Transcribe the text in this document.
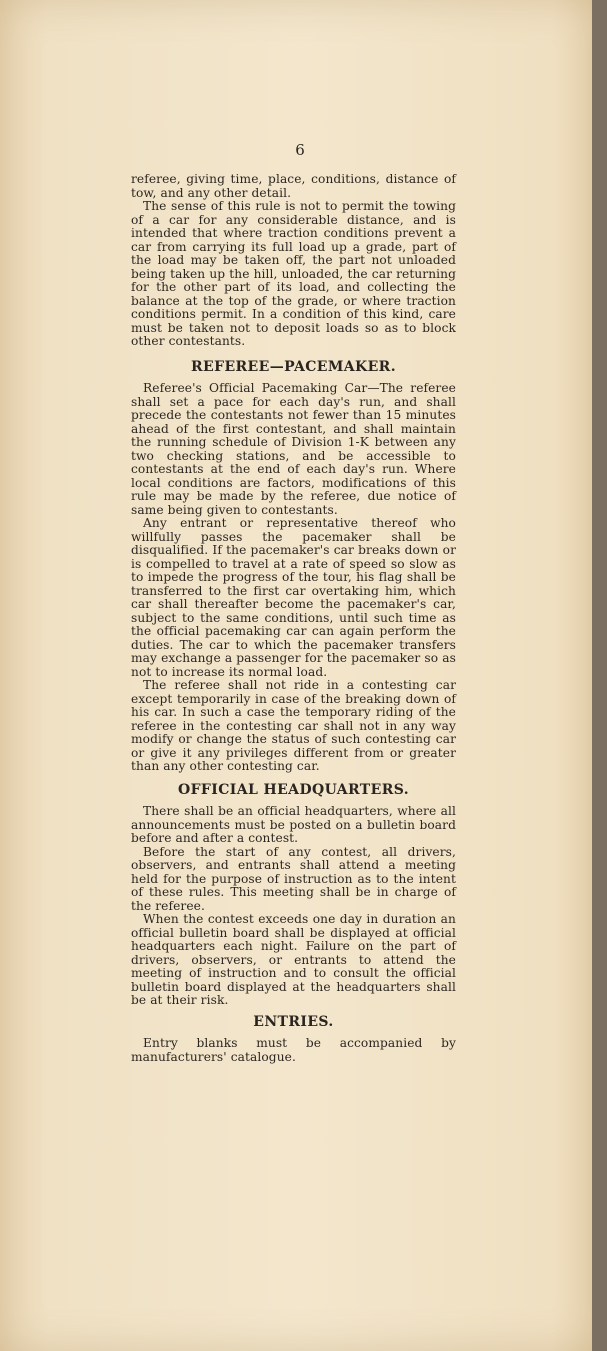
6

referee, giving time, place, conditions, distance of tow, and any other detail.

The sense of this rule is not to permit the towing of a car for any considerable distance, and is intended that where traction conditions prevent a car from carrying its full load up a grade, part of the load may be taken off, the part not unloaded being taken up the hill, unloaded, the car returning for the other part of its load, and collecting the balance at the top of the grade, or where traction conditions permit. In a condition of this kind, care must be taken not to deposit loads so as to block other contestants.

REFEREE—PACEMAKER.

Referee's Official Pacemaking Car—The referee shall set a pace for each day's run, and shall precede the contestants not fewer than 15 minutes ahead of the first contestant, and shall maintain the running schedule of Division 1-K between any two checking stations, and be accessible to contestants at the end of each day's run. Where local conditions are factors, modifications of this rule may be made by the referee, due notice of same being given to contestants.

Any entrant or representative thereof who willfully passes the pacemaker shall be disqualified. If the pacemaker's car breaks down or is compelled to travel at a rate of speed so slow as to impede the progress of the tour, his flag shall be transferred to the first car overtaking him, which car shall thereafter become the pacemaker's car, subject to the same conditions, until such time as the official pacemaking car can again perform the duties. The car to which the pacemaker transfers may exchange a passenger for the pacemaker so as not to increase its normal load.

The referee shall not ride in a contesting car except temporarily in case of the breaking down of his car. In such a case the temporary riding of the referee in the contesting car shall not in any way modify or change the status of such contesting car or give it any privileges different from or greater than any other contesting car.

OFFICIAL HEADQUARTERS.

There shall be an official headquarters, where all announcements must be posted on a bulletin board before and after a contest.

Before the start of any contest, all drivers, observers, and entrants shall attend a meeting held for the purpose of instruction as to the intent of these rules. This meeting shall be in charge of the referee.

When the contest exceeds one day in duration an official bulletin board shall be displayed at official headquarters each night. Failure on the part of drivers, observers, or entrants to attend the meeting of instruction and to consult the official bulletin board displayed at the headquarters shall be at their risk.

ENTRIES.

Entry blanks must be accompanied by manufacturers' catalogue.
